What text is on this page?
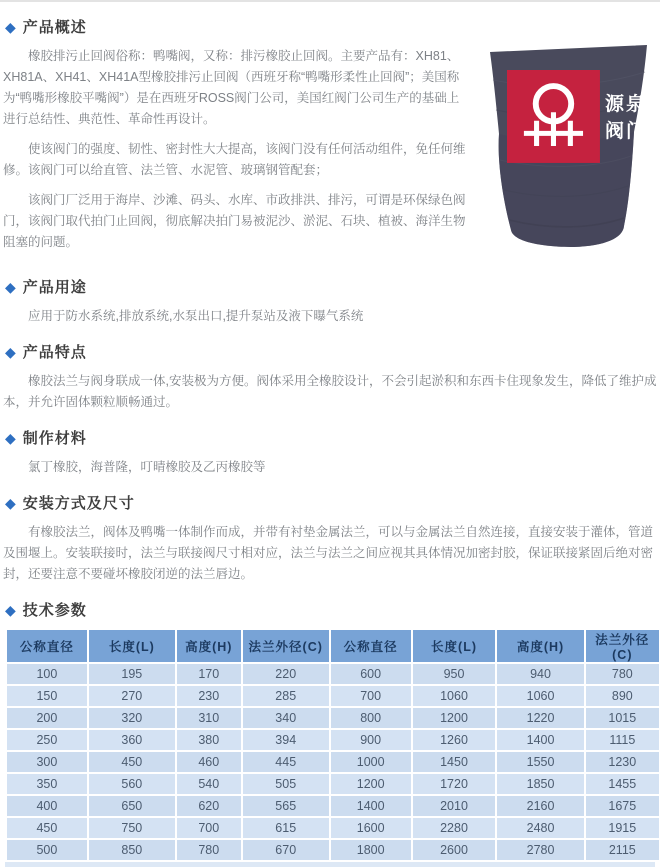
◆ 产品概述
源泉阀门

橡胶排污止回阀俗称：鸭嘴阀，又称：排污橡胶止回阀。主要产品有：XH81、XH81A、XH41、XH41A型橡胶排污止回阀（西班牙称“鸭嘴形柔性止回阀”；美国称为“鸭嘴形橡胶平嘴阀”）是在西班牙ROSS阀门公司，美国红阀门公司生产的基础上进行总结性、典范性、革命性再设计。

使该阀门的强度、韧性、密封性大大提高，该阀门没有任何活动组件，免任何维修。该阀门可以给直管、法兰管、水泥管、玻璃钢管配套；

该阀门厂泛用于海岸、沙滩、码头、水库、市政排洪、排污，可谓是环保绿色阀门，该阀门取代拍门止回阀，彻底解决拍门易被泥沙、淤泥、石块、植被、海洋生物阻塞的问题。

◆ 产品用途

应用于防水系统,排放系统,水泵出口,提升泵站及液下曝气系统

◆ 产品特点

橡胶法兰与阀身联成一体,安装极为方便。阀体采用全橡胶设计，不会引起淤积和东西卡住现象发生，降低了维护成本，并允许固体颗粒顺畅通过。

◆ 制作材料

氯丁橡胶，海普隆，叮晴橡胶及乙丙橡胶等

◆ 安装方式及尺寸

有橡胶法兰，阀体及鸭嘴一体制作而成，并带有衬垫金属法兰，可以与金属法兰自然连接，直接安装于灌体，管道及围堰上。安装联接时，法兰与联接阀尺寸相对应，法兰与法兰之间应视其具体情况加密封胶，保证联接紧固后绝对密封，还要注意不要碰坏橡胶闭逆的法兰唇边。

◆ 技术参数
公称直径	长度(L)	高度(H)	法兰外径(C)	公称直径	长度(L)	高度(H)	法兰外径(C)
100	195	170	220	600	950	940	780
150	270	230	285	700	1060	1060	890
200	320	310	340	800	1200	1220	1015
250	360	380	394	900	1260	1400	1115
300	450	460	445	1000	1450	1550	1230
350	560	540	505	1200	1720	1850	1455
400	650	620	565	1400	2010	2160	1675
450	750	700	615	1600	2280	2480	1915
500	850	780	670	1800	2600	2780	2115
